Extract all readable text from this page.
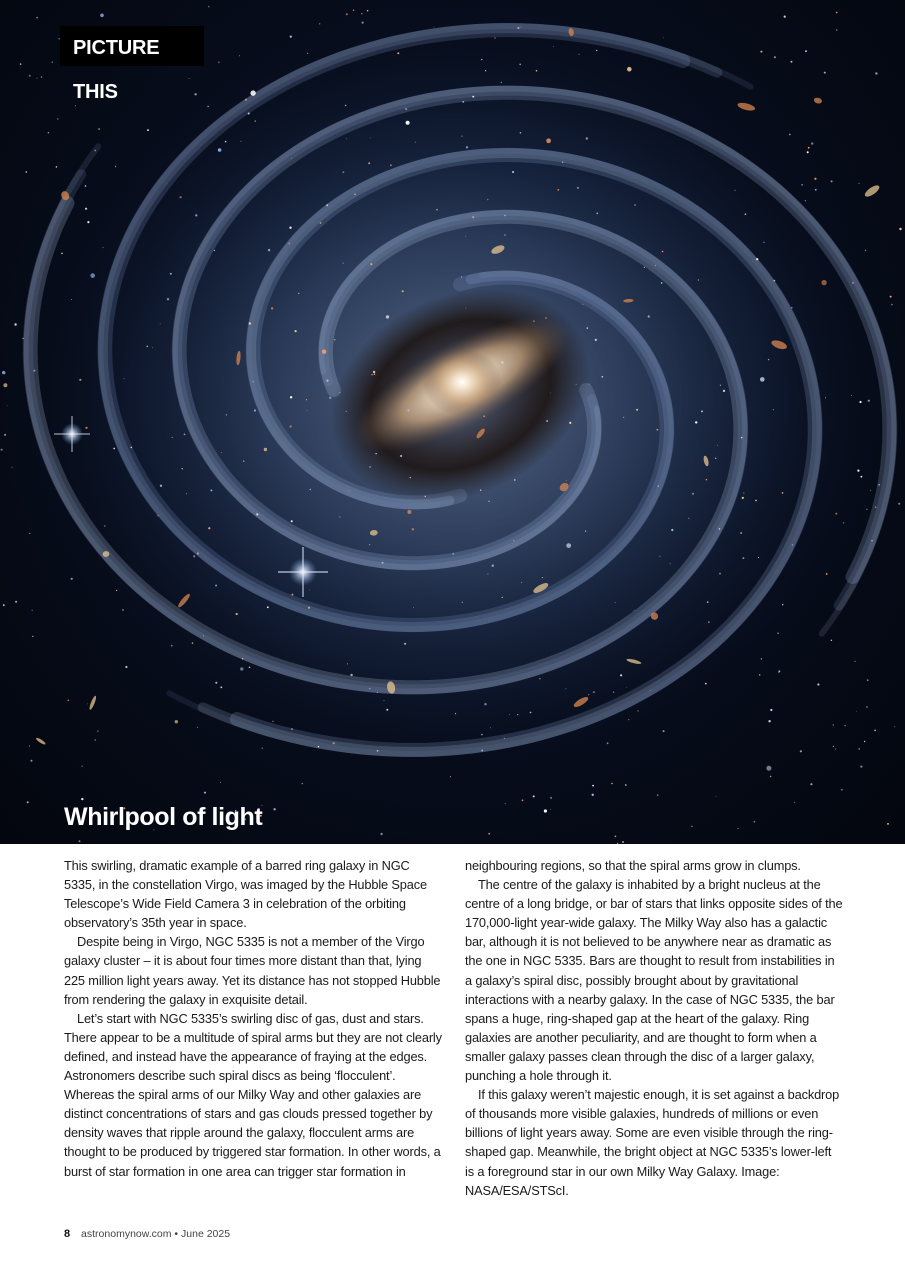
PICTURE THIS
Whirlpool of light

This swirling, dramatic example of a barred ring galaxy in NGC 5335, in the constellation Virgo, was imaged by the Hubble Space Telescope’s Wide Field Camera 3 in celebration of the orbiting observatory’s 35th year in space.

Despite being in Virgo, NGC 5335 is not a member of the Virgo galaxy cluster – it is about four times more distant than that, lying 225 million light years away. Yet its distance has not stopped Hubble from rendering the galaxy in exquisite detail.

Let’s start with NGC 5335’s swirling disc of gas, dust and stars. There appear to be a multitude of spiral arms but they are not clearly defined, and instead have the appearance of fraying at the edges. Astronomers describe such spiral discs as being ‘flocculent’. Whereas the spiral arms of our Milky Way and other galaxies are distinct concentrations of stars and gas clouds pressed together by density waves that ripple around the galaxy, flocculent arms are thought to be produced by triggered star formation. In other words, a burst of star formation in one area can trigger star formation in

neighbouring regions, so that the spiral arms grow in clumps.

The centre of the galaxy is inhabited by a bright nucleus at the centre of a long bridge, or bar of stars that links opposite sides of the 170,000-light year-wide galaxy. The Milky Way also has a galactic bar, although it is not believed to be anywhere near as dramatic as the one in NGC 5335. Bars are thought to result from instabilities in a galaxy’s spiral disc, possibly brought about by gravitational interactions with a nearby galaxy. In the case of NGC 5335, the bar spans a huge, ring-shaped gap at the heart of the galaxy. Ring galaxies are another peculiarity, and are thought to form when a smaller galaxy passes clean through the disc of a larger galaxy, punching a hole through it.

If this galaxy weren’t majestic enough, it is set against a backdrop of thousands more visible galaxies, hundreds of millions or even billions of light years away. Some are even visible through the ring-shaped gap. Meanwhile, the bright object at NGC 5335’s lower-left is a foreground star in our own Milky Way Galaxy. Image: NASA/ESA/STScI.

8 astronomynow.com • June 2025
